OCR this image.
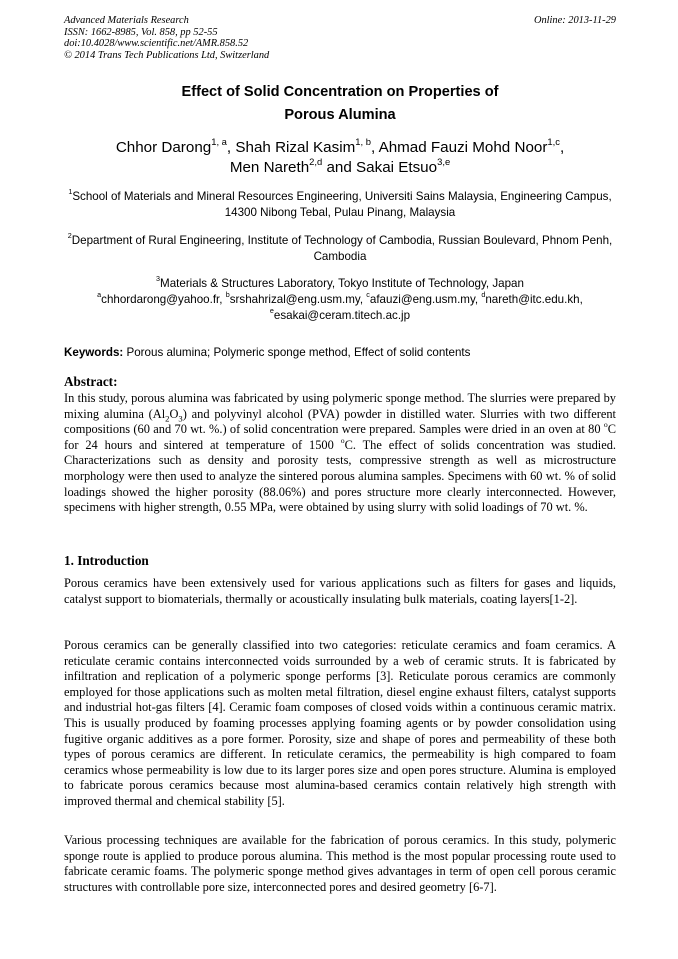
Advanced Materials Research
ISSN: 1662-8985, Vol. 858, pp 52-55
doi:10.4028/www.scientific.net/AMR.858.52
© 2014 Trans Tech Publications Ltd, Switzerland
Online: 2013-11-29
Effect of Solid Concentration on Properties of
Porous Alumina
Chhor Darong$^{1, a}$, Shah Rizal Kasim$^{1, b}$, Ahmad Fauzi Mohd Noor$^{1,c}$,
Men Nareth$^{2,d}$ and Sakai Etsuo$^{3,e}$
$^1$School of Materials and Mineral Resources Engineering, Universiti Sains Malaysia, Engineering Campus, 14300 Nibong Tebal, Pulau Pinang, Malaysia
$^2$Department of Rural Engineering, Institute of Technology of Cambodia, Russian Boulevard, Phnom Penh, Cambodia
$^3$Materials & Structures Laboratory, Tokyo Institute of Technology, Japan
$^a$chhordarong@yahoo.fr, $^b$srshahrizal@eng.usm.my, $^c$afauzi@eng.usm.my, $^d$nareth@itc.edu.kh,
$^e$esakai@ceram.titech.ac.jp
Keywords: Porous alumina; Polymeric sponge method, Effect of solid contents
Abstract:
In this study, porous alumina was fabricated by using polymeric sponge method. The slurries were prepared by mixing alumina $(Al_2O_3)$ and polyvinyl alcohol (PVA) powder in distilled water. Slurries with two different compositions (60 and 70 wt. %.) of solid concentration were prepared. Samples were dried in an oven at 80 $^o$C for 24 hours and sintered at temperature of 1500 $^o$C. The effect of solids concentration was studied. Characterizations such as density and porosity tests, compressive strength as well as microstructure morphology were then used to analyze the sintered porous alumina samples. Specimens with 60 wt. % of solid loadings showed the higher porosity (88.06%) and pores structure more clearly interconnected. However, specimens with higher strength, 0.55 MPa, were obtained by using slurry with solid loadings of 70 wt. %.
1. Introduction
Porous ceramics have been extensively used for various applications such as filters for gases and liquids, catalyst support to biomaterials, thermally or acoustically insulating bulk materials, coating layers[1-2].
Porous ceramics can be generally classified into two categories: reticulate ceramics and foam ceramics. A reticulate ceramic contains interconnected voids surrounded by a web of ceramic struts. It is fabricated by infiltration and replication of a polymeric sponge performs [3]. Reticulate porous ceramics are commonly employed for those applications such as molten metal filtration, diesel engine exhaust filters, catalyst supports and industrial hot-gas filters [4]. Ceramic foam composes of closed voids within a continuous ceramic matrix. This is usually produced by foaming processes applying foaming agents or by powder consolidation using fugitive organic additives as a pore former. Porosity, size and shape of pores and permeability of these both types of porous ceramics are different. In reticulate ceramics, the permeability is high compared to foam ceramics whose permeability is low due to its larger pores size and open pores structure. Alumina is employed to fabricate porous ceramics because most alumina-based ceramics contain relatively high strength with improved thermal and chemical stability [5].
Various processing techniques are available for the fabrication of porous ceramics. In this study, polymeric sponge route is applied to produce porous alumina. This method is the most popular processing route used to fabricate ceramic foams. The polymeric sponge method gives advantages in term of open cell porous ceramic structures with controllable pore size, interconnected pores and desired geometry [6-7].
